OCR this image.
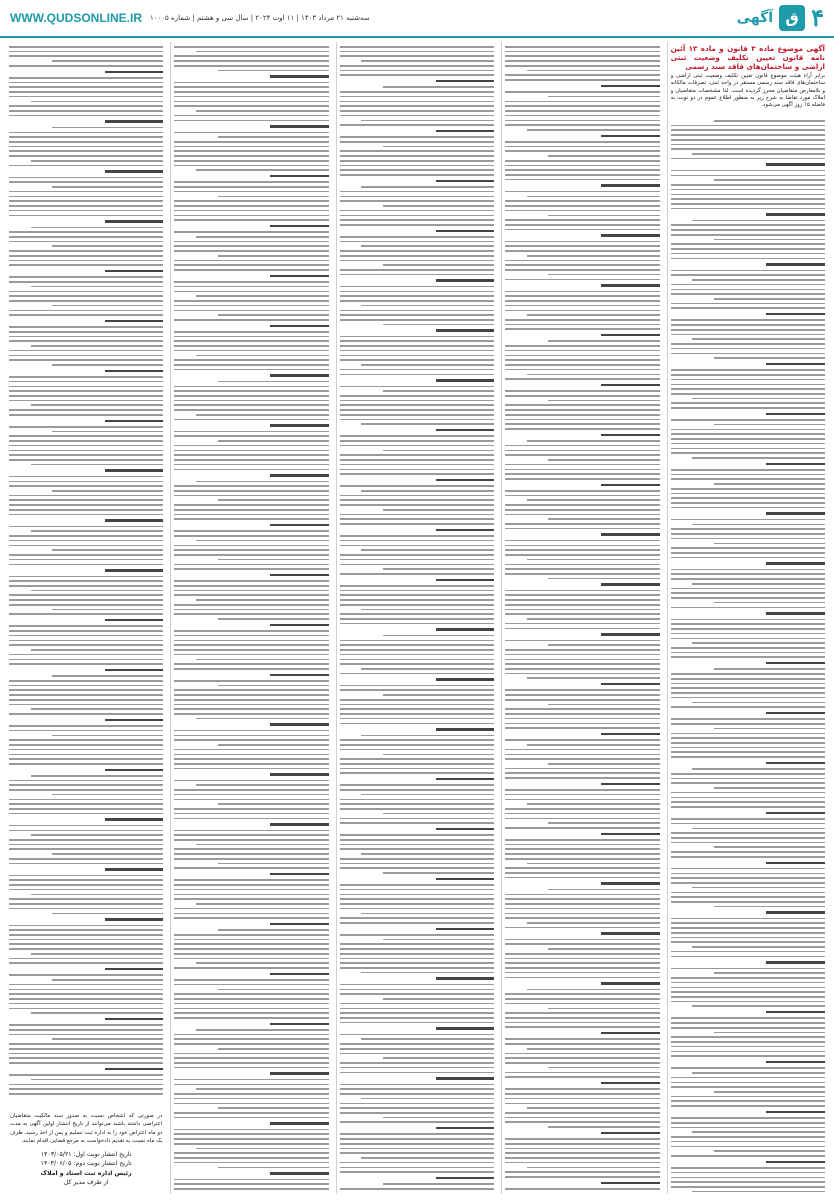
WWW.QUDSONLINE.IR سه‌شنبه ۲۱ مرداد ۱۴۰۳ | ۱۱ اوت ۲۰۲۴ | سال سی و هشتم | شماره ۱۰۰۰۵	۴
ق
آگهی
آگهی موضوع ماده ۳ قانون و ماده ۱۳ آئین نامه قانون تعیین تکلیف وضعیت ثبتی اراضی و ساختمان‌های فاقد سند رسمی
برابر آراء هیئت موضوع قانون تعیین تکلیف وضعیت ثبتی اراضی و ساختمان‌های فاقد سند رسمی مستقر در واحد ثبتی، تصرفات مالکانه و بلامعارض متقاضیان محرز گردیده است. لذا مشخصات متقاضیان و املاک مورد تقاضا به شرح زیر به منظور اطلاع عموم در دو نوبت به فاصله ۱۵ روز آگهی می‌شود.
در صورتی که اشخاص نسبت به صدور سند مالکیت متقاضیان اعتراضی داشته باشند می‌توانند از تاریخ انتشار اولین آگهی به مدت دو ماه اعتراض خود را به اداره ثبت تسلیم و پس از اخذ رسید، ظرف یک ماه نسبت به تقدیم دادخواست به مرجع قضایی اقدام نمایند.
تاریخ انتشار نوبت اول: ۱۴۰۳/۰۵/۲۱
تاریخ انتشار نوبت دوم: ۱۴۰۳/۰۶/۰۵
رئیس اداره ثبت اسناد و املاک
از طرف مدیر کل
